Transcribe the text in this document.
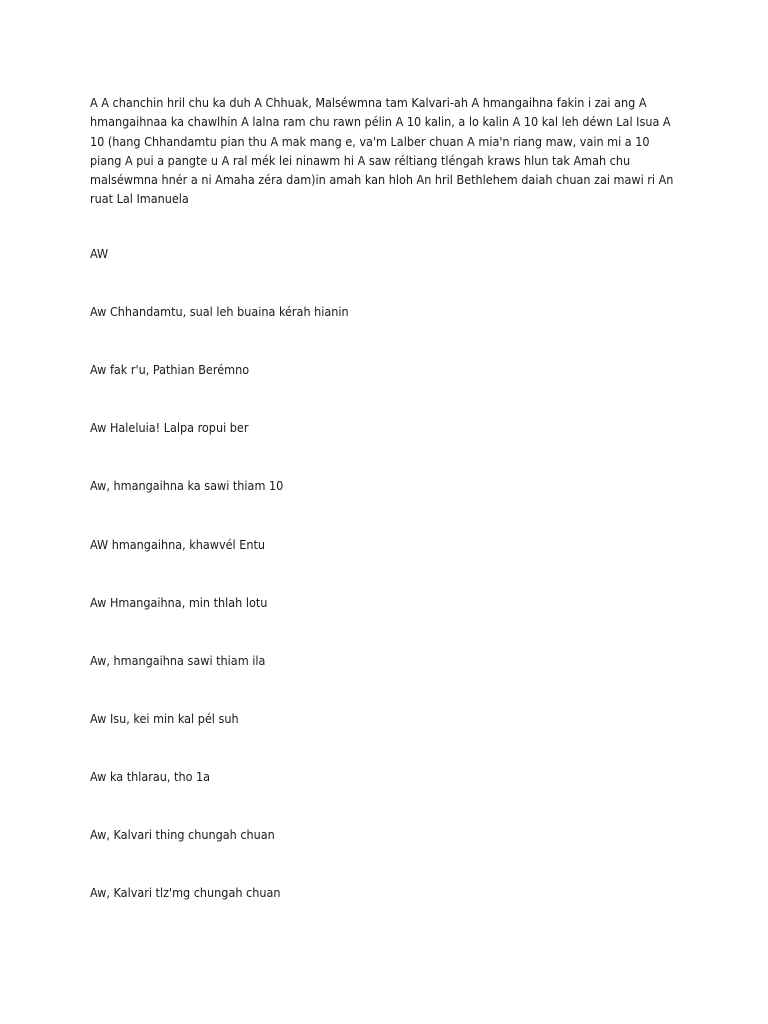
A A chanchin hril chu ka duh A Chhuak, Malséwmna tam Kalvari-ah A hmangaihna fakin i zai ang A hmangaihnaa ka chawlhin A lalna ram chu rawn pélin A 10 kalin, a lo kalin A 10 kal leh déwn Lal Isua A 10 (hang Chhandamtu pian thu A mak mang e, va'm Lalber chuan A mia'n riang maw, vain mi a 10 piang A pui a pangte u A ral mék lei ninawm hi A saw réltiang tléngah kraws hlun tak Amah chu malséwmna hnér a ni Amaha zéra dam)in amah kan hloh An hril Bethlehem daiah chuan zai mawi ri An ruat Lal Imanuela

AW

Aw Chhandamtu, sual leh buaina kérah hianin

Aw fak r'u, Pathian Berémno

Aw Haleluia! Lalpa ropui ber

Aw, hmangaihna ka sawi thiam 10

AW hmangaihna, khawvél Entu

Aw Hmangaihna, min thlah lotu

Aw, hmangaihna sawi thiam ila

Aw Isu, kei min kal pél suh

Aw ka thlarau, tho 1a

Aw, Kalvari thing chungah chuan

Aw, Kalvari tlz'mg chungah chuan
